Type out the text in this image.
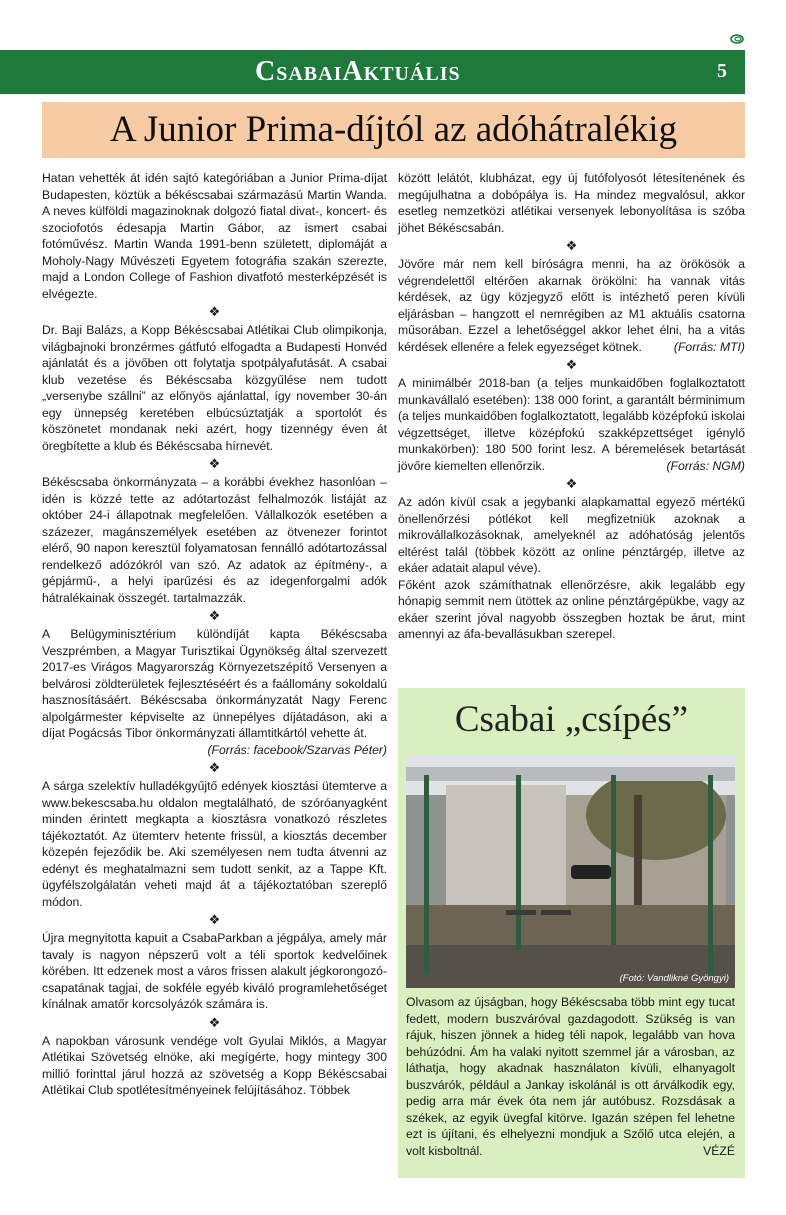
CsabaiAktuális	5
A Junior Prima-díjtól az adóhátralékig

Hatan vehették át idén sajtó kategóriában a Junior Prima-díjat Budapesten, köztük a békéscsabai származású Martin Wanda. A neves külföldi magazinoknak dolgozó fiatal divat-, koncert- és szociofotós édesapja Martin Gábor, az ismert csabai fotóművész. Martin Wanda 1991-benn született, diplomáját a Moholy-Nagy Művészeti Egyetem fotográfia szakán szerezte, majd a London College of Fashion divatfotó mesterképzését is elvégezte.

❖

Dr. Baji Balázs, a Kopp Békéscsabai Atlétikai Club olimpikonja, világbajnoki bronzérmes gátfutó elfogadta a Budapesti Honvéd ajánlatát és a jövőben ott folytatja spotpályafutását. A csabai klub vezetése és Békéscsaba közgyűlése nem tudott „versenybe szállni” az előnyös ajánlattal, így november 30-án egy ünnepség keretében elbúcsúztatják a sportolót és köszönetet mondanak neki azért, hogy tizennégy éven át öregbítette a klub és Békéscsaba hírnevét.

❖

Békéscsaba önkormányzata – a korábbi évekhez hasonlóan – idén is közzé tette az adótartozást felhalmozók listáját az október 24-i állapotnak megfelelően. Vállalkozók esetében a százezer, magánszemélyek esetében az ötvenezer forintot elérő, 90 napon keresztül folyamatosan fennálló adótartozással rendelkező adózókról van szó. Az adatok az építmény-, a gépjármű-, a helyi iparűzési és az idegenforgalmi adók hátralékainak összegét. tartalmazzák.

❖

A Belügyminisztérium különdíját kapta Békéscsaba Veszprémben, a Magyar Turisztikai Ügynökség által szervezett 2017-es Virágos Magyarország Környezetszépítő Versenyen a belvárosi zöldterületek fejlesztéséért és a faállomány sokoldalú hasznosításáért. Békéscsaba önkormányzatát Nagy Ferenc alpolgármester képviselte az ünnepélyes díjátadáson, aki a díjat Pogácsás Tibor önkormányzati államtitkártól vehette át.
(Forrás: facebook/Szarvas Péter)

❖

A sárga szelektív hulladékgyűjtő edények kiosztási ütemterve a www.bekescsaba.hu oldalon megtalálható, de szóróanyagként minden érintett megkapta a kiosztásra vonatkozó részletes tájékoztatót. Az ütemterv hetente frissül, a kiosztás december közepén fejeződik be. Aki személyesen nem tudta átvenni az edényt és meghatalmazni sem tudott senkit, az a Tappe Kft. ügyfélszolgálatán veheti majd át a tájékoztatóban szereplő módon.

❖

Újra megnyitotta kapuit a CsabaParkban a jégpálya, amely már tavaly is nagyon népszerű volt a téli sportok kedvelőinek körében. Itt edzenek most a város frissen alakult jégkorongozó-csapatának tagjai, de sokféle egyéb kiváló programlehetőséget kínálnak amatőr korcsolyázók számára is.

❖

A napokban városunk vendége volt Gyulai Miklós, a Magyar Atlétikai Szövetség elnöke, aki megígérte, hogy mintegy 300 millió forinttal járul hozzá az szövetség a Kopp Békéscsabai Atlétikai Club spotlétesítményeinek felújításához. Többek

között lelátót, klubházat, egy új futófolyosót létesítenének és megújulhatna a dobópálya is. Ha mindez megvalósul, akkor esetleg nemzetközi atlétikai versenyek lebonyolítása is szóba jöhet Békéscsabán.

❖

Jövőre már nem kell bíróságra menni, ha az örökösök a végrendelettől eltérően akarnak örökölni: ha vannak vitás kérdések, az ügy közjegyző előtt is intézhető peren kívüli eljárásban – hangzott el nemrégiben az M1 aktuális csatorna műsorában. Ezzel a lehetőséggel akkor lehet élni, ha a vitás kérdések ellenére a felek egyezséget kötnek.	(Forrás: MTI)

❖

A minimálbér 2018-ban (a teljes munkaidőben foglalkoztatott munkavállaló esetében): 138 000 forint, a garantált bérminimum (a teljes munkaidőben foglalkoztatott, legalább középfokú iskolai végzettséget, illetve középfokú szakképzettséget igénylő munkakörben): 180 500 forint lesz. A béremelések betartását jövőre kiemelten ellenőrzik.	(Forrás: NGM)

❖

Az adón kívül csak a jegybanki alapkamattal egyező mértékű önellenőrzési pótlékot kell megfizetniük azoknak a mikrovállalkozásoknak, amelyeknél az adóhatóság jelentős eltérést talál (többek között az online pénztárgép, illetve az ekáer adatait alapul véve).

Főként azok számíthatnak ellenőrzésre, akik legalább egy hónapig semmit nem ütöttek az online pénztárgépükbe, vagy az ekáer szerint jóval nagyobb összegben hoztak be árut, mint amennyi az áfa-bevallásukban szerepel.

Csabai „csípés”
(Fotó: Vandlikné Gyöngyi)
Olvasom az újságban, hogy Békéscsaba több mint egy tucat fedett, modern buszváróval gazdagodott. Szükség is van rájuk, hiszen jönnek a hideg téli napok, legalább van hova behúzódni. Ám ha valaki nyitott szemmel jár a városban, az láthatja, hogy akadnak használaton kívüli, elhanyagolt buszvárók, például a Jankay iskolánál is ott árválkodik egy, pedig arra már évek óta nem jár autóbusz. Rozsdásak a székek, az egyik üvegfal kitörve. Igazán szépen fel lehetne ezt is újítani, és elhelyezni mondjuk a Szőlő utca elején, a volt kisboltnál.	VÉZÉ
